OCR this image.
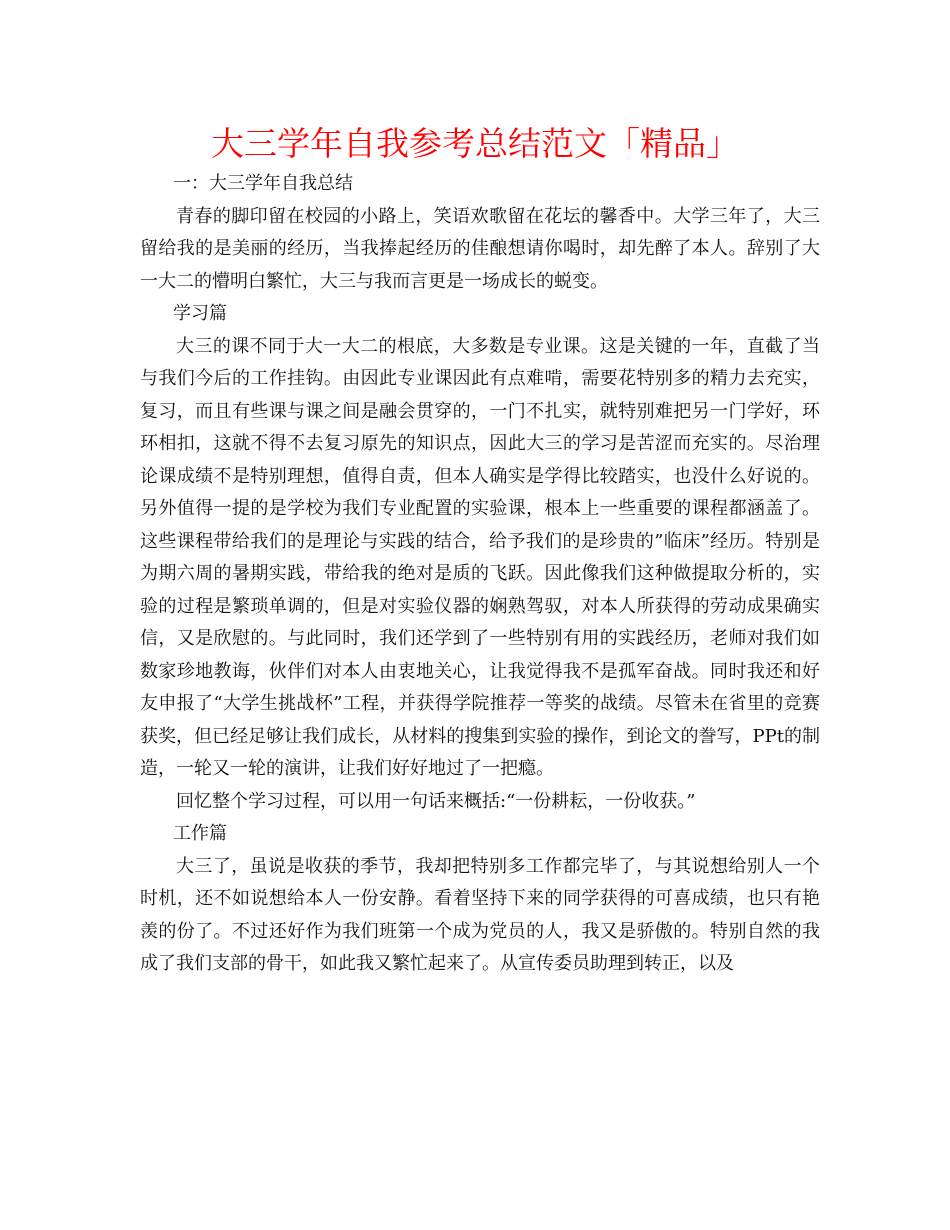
大三学年自我参考总结范文「精品」

一：大三学年自我总结

青春的脚印留在校园的小路上，笑语欢歌留在花坛的馨香中。大学三年了，大三留给我的是美丽的经历，当我捧起经历的佳酿想请你喝时，却先醉了本人。辞别了大一大二的懵明白繁忙，大三与我而言更是一场成长的蜕变。

学习篇

大三的课不同于大一大二的根底，大多数是专业课。这是关键的一年，直截了当与我们今后的工作挂钩。由因此专业课因此有点难啃，需要花特别多的精力去充实，复习，而且有些课与课之间是融会贯穿的，一门不扎实，就特别难把另一门学好，环环相扣，这就不得不去复习原先的知识点，因此大三的学习是苦涩而充实的。尽治理论课成绩不是特别理想，值得自责，但本人确实是学得比较踏实，也没什么好说的。另外值得一提的是学校为我们专业配置的实验课，根本上一些重要的课程都涵盖了。这些课程带给我们的是理论与实践的结合，给予我们的是珍贵的”临床”经历。特别是为期六周的暑期实践，带给我的绝对是质的飞跃。因此像我们这种做提取分析的，实验的过程是繁琐单调的，但是对实验仪器的娴熟驾驭，对本人所获得的劳动成果确实信，又是欣慰的。与此同时，我们还学到了一些特别有用的实践经历，老师对我们如数家珍地教诲，伙伴们对本人由衷地关心，让我觉得我不是孤军奋战。同时我还和好友申报了“大学生挑战杯”工程，并获得学院推荐一等奖的战绩。尽管未在省里的竞赛获奖，但已经足够让我们成长，从材料的搜集到实验的操作，到论文的誊写，PPt的制造，一轮又一轮的演讲，让我们好好地过了一把瘾。

回忆整个学习过程，可以用一句话来概括:“一份耕耘，一份收获。”

工作篇

大三了，虽说是收获的季节，我却把特别多工作都完毕了，与其说想给别人一个时机，还不如说想给本人一份安静。看着坚持下来的同学获得的可喜成绩，也只有艳羡的份了。不过还好作为我们班第一个成为党员的人，我又是骄傲的。特别自然的我成了我们支部的骨干，如此我又繁忙起来了。从宣传委员助理到转正，以及
